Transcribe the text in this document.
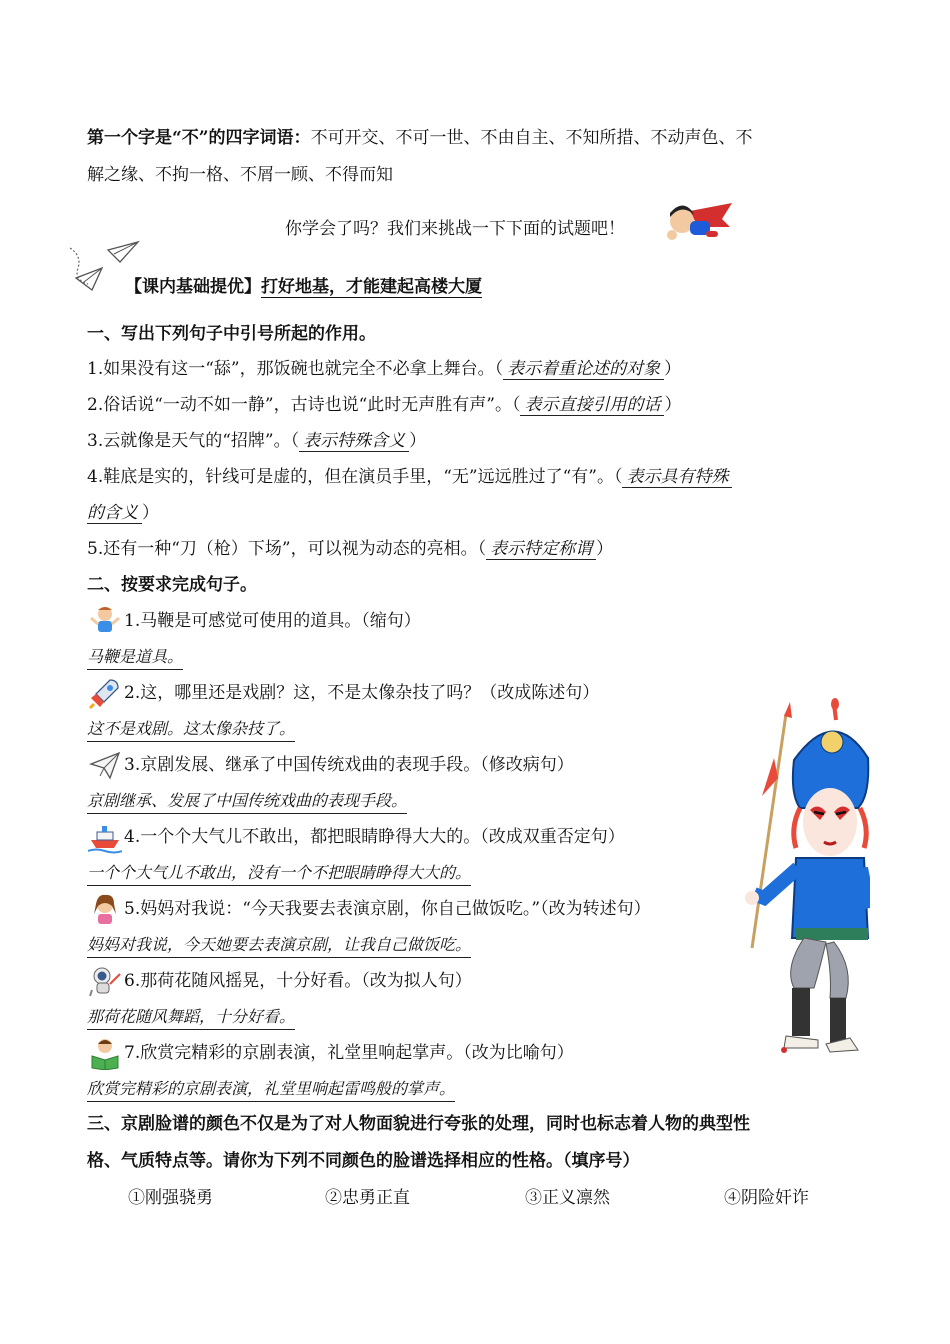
第一个字是“不”的四字词语：不可开交、不可一世、不由自主、不知所措、不动声色、不
解之缘、不拘一格、不屑一顾、不得而知
你学会了吗？我们来挑战一下下面的试题吧！
【课内基础提优】打好地基，才能建起高楼大厦
一、写出下列句子中引号所起的作用。
1.如果没有这一“舔”，那饭碗也就完全不必拿上舞台。（ 表示着重论述的对象 ）
2.俗话说“一动不如一静”，古诗也说“此时无声胜有声”。（ 表示直接引用的话 ）
3.云就像是天气的“招牌”。（ 表示特殊含义 ）
4.鞋底是实的，针线可是虚的，但在演员手里，“无”远远胜过了“有”。（ 表示具有特殊
的含义 ）
5.还有一种“刀（枪）下场”，可以视为动态的亮相。（ 表示特定称谓 ）
二、按要求完成句子。
1.马鞭是可感觉可使用的道具。（缩句）
马鞭是道具。
2.这，哪里还是戏剧？这，不是太像杂技了吗？（改成陈述句）
这不是戏剧。这太像杂技了。
3.京剧发展、继承了中国传统戏曲的表现手段。（修改病句）
京剧继承、发展了中国传统戏曲的表现手段。
4.一个个大气儿不敢出，都把眼睛睁得大大的。（改成双重否定句）
一个个大气儿不敢出，没有一个不把眼睛睁得大大的。
5.妈妈对我说：“今天我要去表演京剧，你自己做饭吃。”（改为转述句）
妈妈对我说，今天她要去表演京剧，让我自己做饭吃。
6.那荷花随风摇晃，十分好看。（改为拟人句）
那荷花随风舞蹈，十分好看。
7.欣赏完精彩的京剧表演，礼堂里响起掌声。（改为比喻句）
欣赏完精彩的京剧表演，礼堂里响起雷鸣般的掌声。
三、京剧脸谱的颜色不仅是为了对人物面貌进行夸张的处理，同时也标志着人物的典型性
格、气质特点等。请你为下列不同颜色的脸谱选择相应的性格。（填序号）
①刚强骁勇	②忠勇正直	③正义凛然	④阴险奸诈
